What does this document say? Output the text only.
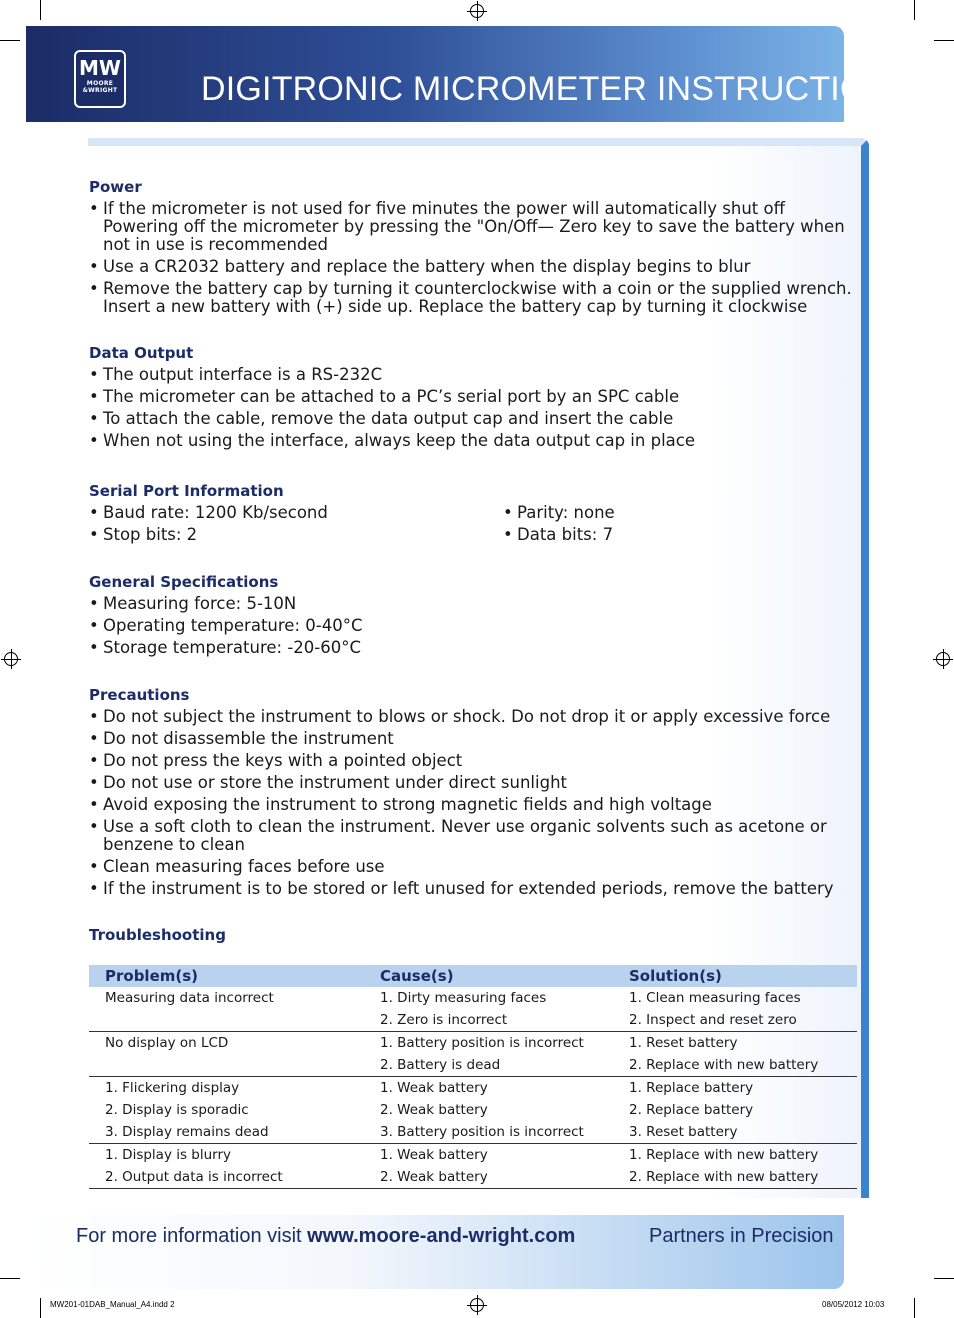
MW
MOORE
&WRIGHT DIGITRONIC MICROMETER INSTRUCTIONS
Power
• If the micrometer is not used for five minutes the power will automatically shut off Powering off the micrometer by pressing the "On/Off— Zero key to save the battery when not in use is recommended
• Use a CR2032 battery and replace the battery when the display begins to blur
• Remove the battery cap by turning it counterclockwise with a coin or the supplied wrench. Insert a new battery with (+) side up. Replace the battery cap by turning it clockwise
Data Output
• The output interface is a RS-232C
• The micrometer can be attached to a PC’s serial port by an SPC cable
• To attach the cable, remove the data output cap and insert the cable
• When not using the interface, always keep the data output cap in place
Serial Port Information
• Baud rate: 1200 Kb/second	• Parity: none
• Stop bits: 2	• Data bits: 7
General Specifications
• Measuring force: 5-10N
• Operating temperature: 0-40°C
• Storage temperature: -20-60°C
Precautions
• Do not subject the instrument to blows or shock. Do not drop it or apply excessive force
• Do not disassemble the instrument
• Do not press the keys with a pointed object
• Do not use or store the instrument under direct sunlight
• Avoid exposing the instrument to strong magnetic fields and high voltage
• Use a soft cloth to clean the instrument. Never use organic solvents such as acetone or benzene to clean
• Clean measuring faces before use
• If the instrument is to be stored or left unused for extended periods, remove the battery
Troubleshooting
Problem(s)	Cause(s)	Solution(s)
Measuring data incorrect	1. Dirty measuring faces	1. Clean measuring faces
	2. Zero is incorrect	2. Inspect and reset zero
No display on LCD	1. Battery position is incorrect	1. Reset battery
	2. Battery is dead	2. Replace with new battery
1. Flickering display	1. Weak battery	1. Replace battery
2. Display is sporadic	2. Weak battery	2. Replace battery
3. Display remains dead	3. Battery position is incorrect	3. Reset battery
1. Display is blurry	1. Weak battery	1. Replace with new battery
2. Output data is incorrect	2. Weak battery	2. Replace with new battery
For more information visit www.moore-and-wright.com	Partners in Precision
MW201-01DAB_Manual_A4.indd 2	08/05/2012 10:03
